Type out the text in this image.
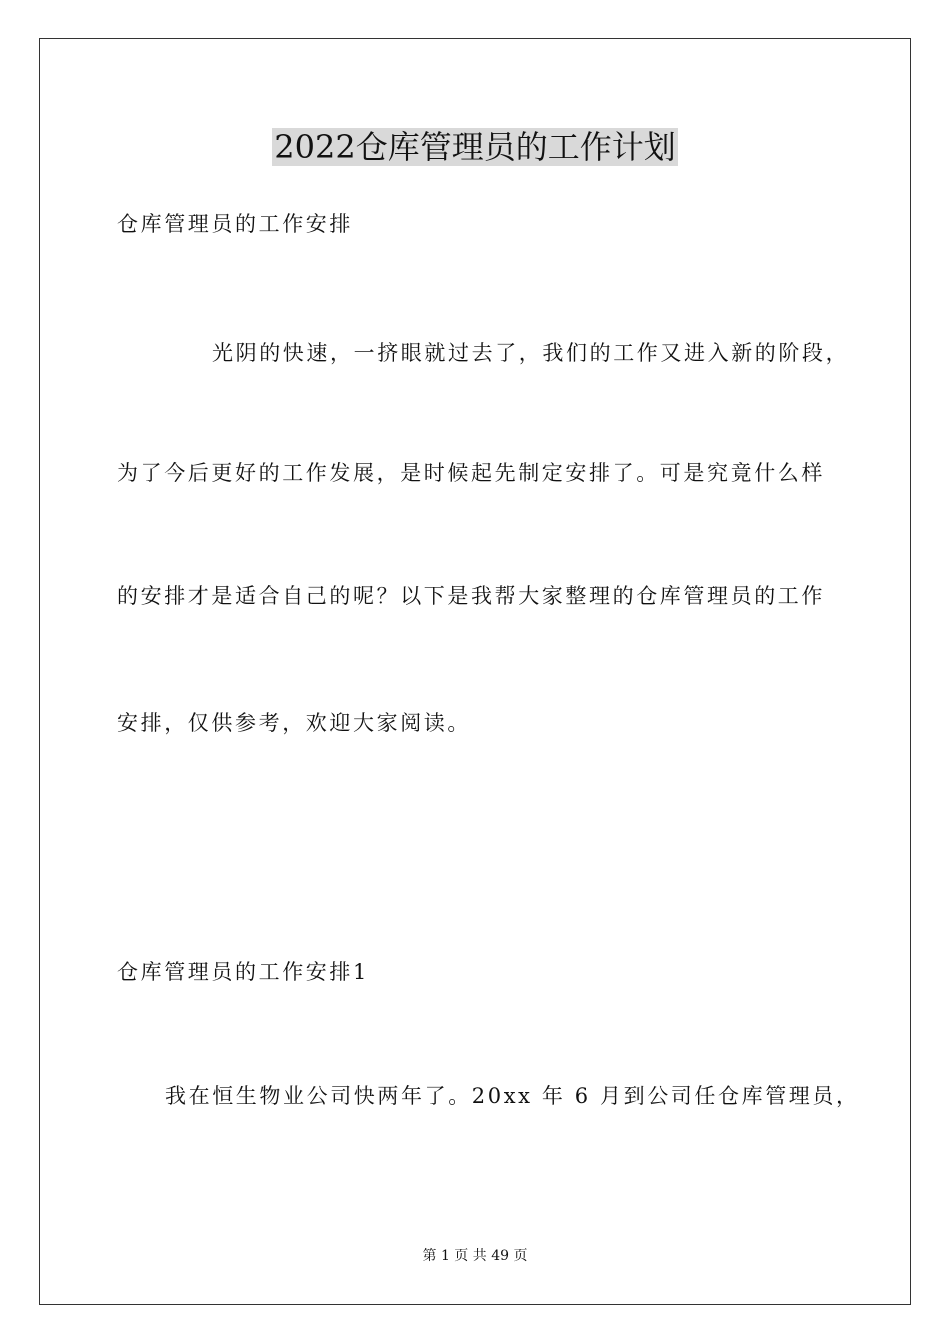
2022仓库管理员的工作计划
仓库管理员的工作安排
光阴的快速，一挤眼就过去了，我们的工作又进入新的阶段，
为了今后更好的工作发展，是时候起先制定安排了。可是究竟什么样
的安排才是适合自己的呢？以下是我帮大家整理的仓库管理员的工作
安排，仅供参考，欢迎大家阅读。
仓库管理员的工作安排1
我在恒生物业公司快两年了。20xx 年 6 月到公司任仓库管理员，
第 1 页 共 49 页
